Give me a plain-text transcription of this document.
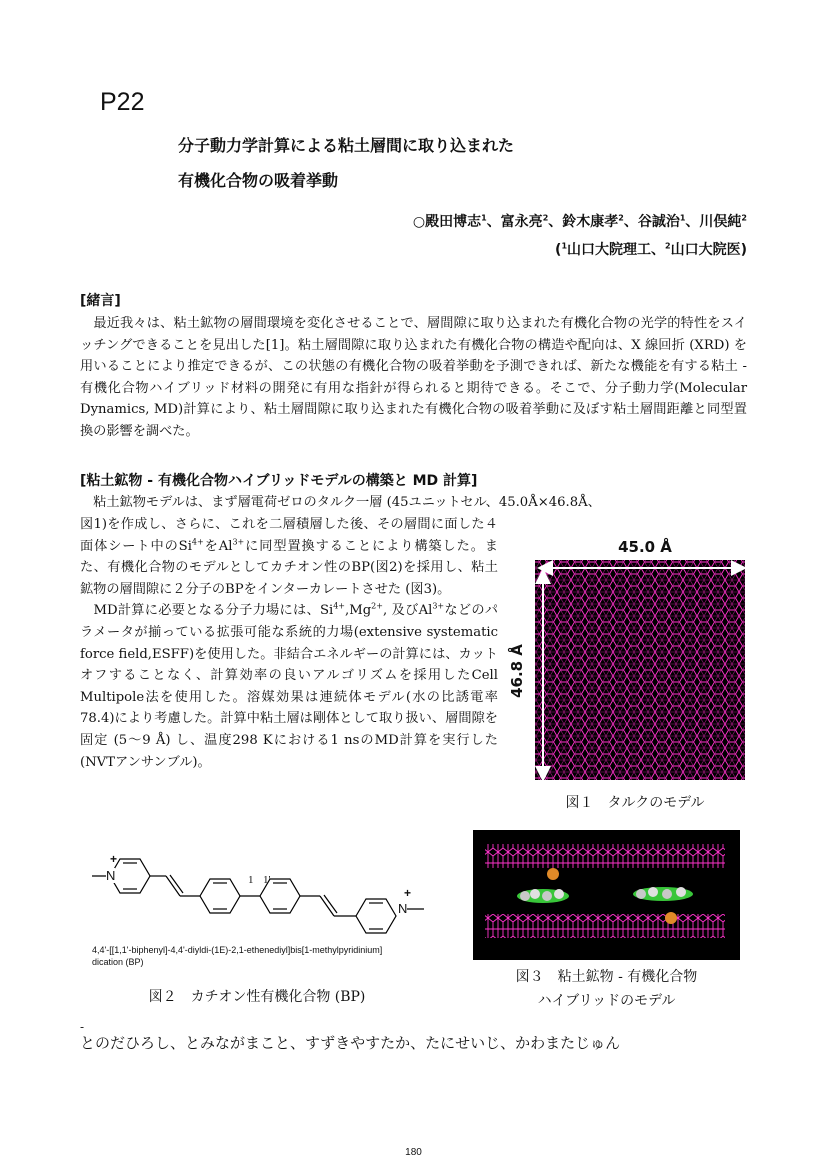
P22
分子動力学計算による粘土層間に取り込まれた
有機化合物の吸着挙動
○殿田博志$^1$、富永亮$^2$、鈴木康孝$^2$、谷誠治$^1$、川俣純$^2$
($^1$山口大院理工、$^2$山口大院医)
[緒言]
　最近我々は、粘土鉱物の層間環境を変化させることで、層間隙に取り込まれた有機化合物の光学的特性をスイッチングできることを見出した[1]。粘土層間隙に取り込まれた有機化合物の構造や配向は、X 線回折 (XRD) を用いることにより推定できるが、この状態の有機化合物の吸着挙動を予測できれば、新たな機能を有する粘土 - 有機化合物ハイブリッド材料の開発に有用な指針が得られると期待できる。そこで、分子動力学(Molecular Dynamics, MD)計算により、粘土層間隙に取り込まれた有機化合物の吸着挙動に及ぼす粘土層間距離と同型置換の影響を調べた。
[粘土鉱物 - 有機化合物ハイブリッドモデルの構築と MD 計算]
　粘土鉱物モデルは、まず層電荷ゼロのタルク一層 (45ユニットセル、45.0Å×46.8Å、
図1)を作成し、さらに、これを二層積層した後、その層間に面した４面体シート中の$Si^{4+}$を$Al^{3+}$に同型置換することにより構築した。また、有機化合物のモデルとしてカチオン性のBP(図2)を採用し、粘土鉱物の層間隙に２分子のBPをインターカレートさせた (図3)。
　MD計算に必要となる分子力場には、$Si^{4+},Mg^{2+}$, 及び$Al^{3+}$などのパラメータが揃っている拡張可能な系統的力場(extensive systematic force field,ESFF)を使用した。非結合エネルギーの計算には、カットオフすることなく、計算効率の良いアルゴリズムを採用したCell Multipole法を使用した。溶媒効果は連続体モデル(水の比誘電率78.4)により考慮した。計算中粘土層は剛体として取り扱い、層間隙を固定 (5～9 Å) し、温度298 Kにおける1 nsのMD計算を実行した (NVTアンサンブル)。
45.0 Å
46.8 Å
図１　タルクのモデル
N
+
N
+
1 1'
4,4'-[[1,1'-biphenyl]-4,4'-diyldi-(1E)-2,1-ethenediyl]bis[1-methylpyridinium] dication (BP)
図２　カチオン性有機化合物 (BP)
図３　粘土鉱物 - 有機化合物
ハイブリッドのモデル
-
とのだひろし、とみながまこと、すずきやすたか、たにせいじ、かわまたじゅん
180
